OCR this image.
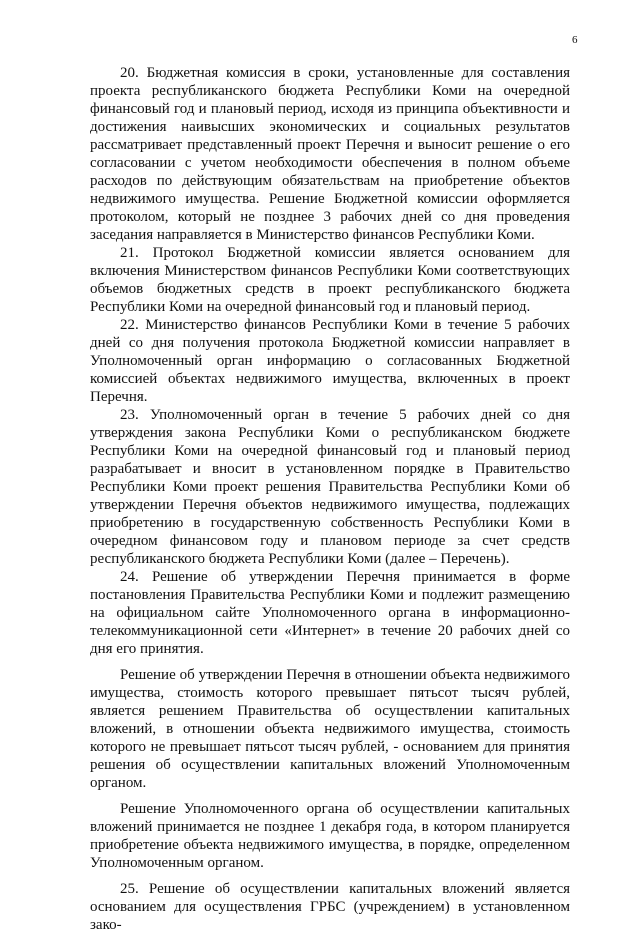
6

20. Бюджетная комиссия в сроки, установленные для составления проекта республиканского бюджета Республики Коми на очередной финансовый год и плановый период, исходя из принципа объективности и достижения наивысших экономических и социальных результатов рассматривает представленный проект Перечня и выносит решение о его согласовании с учетом необходимости обеспечения в полном объеме расходов по действующим обязательствам на приобретение объектов недвижимого имущества. Решение Бюджетной комиссии оформляется протоколом, который не позднее 3 рабочих дней со дня проведения заседания направляется в Министерство финансов Республики Коми.

21. Протокол Бюджетной комиссии является основанием для включения Министерством финансов Республики Коми соответствующих объемов бюджетных средств в проект республиканского бюджета Республики Коми на очередной финансовый год и плановый период.

22. Министерство финансов Республики Коми в течение 5 рабочих дней со дня получения протокола Бюджетной комиссии направляет в Уполномоченный орган информацию о согласованных Бюджетной комиссией объектах недвижимого имущества, включенных в проект Перечня.

23. Уполномоченный орган в течение 5 рабочих дней со дня утверждения закона Республики Коми о республиканском бюджете Республики Коми на очередной финансовый год и плановый период разрабатывает и вносит в установленном порядке в Правительство Республики Коми проект решения Правительства Республики Коми об утверждении Перечня объектов недвижимого имущества, подлежащих приобретению в государственную собственность Республики Коми в очередном финансовом году и плановом периоде за счет средств республиканского бюджета Республики Коми (далее – Перечень).

24. Решение об утверждении Перечня принимается в форме постановления Правительства Республики Коми и подлежит размещению на официальном сайте Уполномоченного органа в информационно-телекоммуникационной сети «Интернет» в течение 20 рабочих дней со дня его принятия.

Решение об утверждении Перечня в отношении объекта недвижимого имущества, стоимость которого превышает пятьсот тысяч рублей, является решением Правительства об осуществлении капитальных вложений, в отношении объекта недвижимого имущества, стоимость которого не превышает пятьсот тысяч рублей, - основанием для принятия решения об осуществлении капитальных вложений Уполномоченным органом.

Решение Уполномоченного органа об осуществлении капитальных вложений принимается не позднее 1 декабря года, в котором планируется приобретение объекта недвижимого имущества, в порядке, определенном Уполномоченным органом.

25. Решение об осуществлении капитальных вложений является основанием для осуществления ГРБС (учреждением) в установленном зако-
